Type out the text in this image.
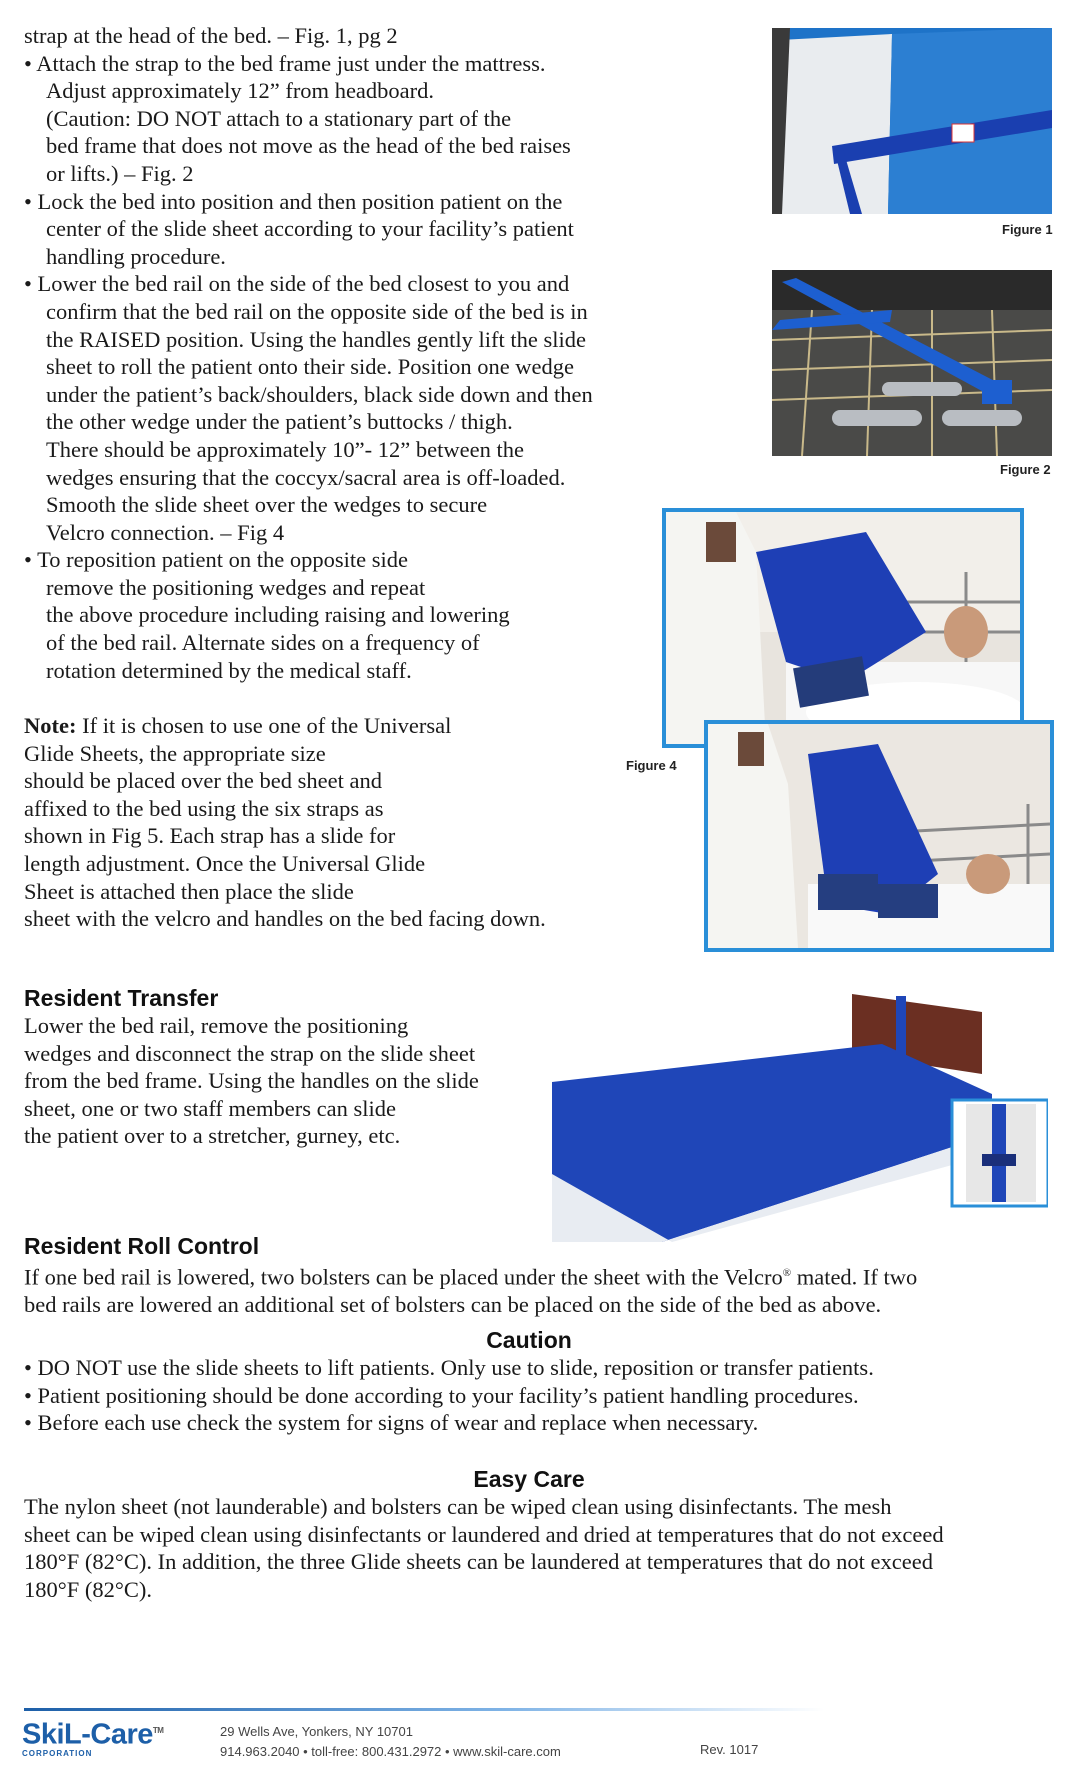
strap at the head of the bed. – Fig. 1, pg 2
• Attach the strap to the bed frame just under the mattress.
Adjust approximately 12” from headboard.
(Caution: DO NOT attach to a stationary part of the
bed frame that does not move as the head of the bed raises
or lifts.) – Fig. 2
• Lock the bed into position and then position patient on the
center of the slide sheet according to your facility’s patient
handling procedure.
• Lower the bed rail on the side of the bed closest to you and
confirm that the bed rail on the opposite side of the bed is in
the RAISED position. Using the handles gently lift the slide
sheet to roll the patient onto their side. Position one wedge
under the patient’s back/shoulders, black side down and then
the other wedge under the patient’s buttocks / thigh.
There should be approximately 10”- 12” between the
wedges ensuring that the coccyx/sacral area is off-loaded.
Smooth the slide sheet over the wedges to secure
Velcro connection. – Fig 4
• To reposition patient on the opposite side
remove the positioning wedges and repeat
the above procedure including raising and lowering
of the bed rail. Alternate sides on a frequency of
rotation determined by the medical staff.
Note: If it is chosen to use one of the Universal
Glide Sheets, the appropriate size
should be placed over the bed sheet and
affixed to the bed using the six straps as
shown in Fig 5. Each strap has a slide for
length adjustment. Once the Universal Glide
Sheet is attached then place the slide
sheet with the velcro and handles on the bed facing down.
Resident Transfer
Lower the bed rail, remove the positioning
wedges and disconnect the strap on the slide sheet
from the bed frame. Using the handles on the slide
sheet, one or two staff members can slide
the patient over to a stretcher, gurney, etc.
Resident Roll Control
If one bed rail is lowered, two bolsters can be placed under the sheet with the Velcro® mated. If two
bed rails are lowered an additional set of bolsters can be placed on the side of the bed as above.
Caution
• DO NOT use the slide sheets to lift patients. Only use to slide, reposition or transfer patients.
• Patient positioning should be done according to your facility’s patient handling procedures.
• Before each use check the system for signs of wear and replace when necessary.
Easy Care
The nylon sheet (not launderable) and bolsters can be wiped clean using disinfectants. The mesh
sheet can be wiped clean using disinfectants or laundered and dried at temperatures that do not exceed
180°F (82°C). In addition, the three Glide sheets can be laundered at temperatures that do not exceed
180°F (82°C).
Figure 1
Figure 2
Figure 4
SkiL-Care™
CORPORATION
29 Wells Ave, Yonkers, NY 10701
914.963.2040 • toll-free: 800.431.2972 • www.skil-care.com	Rev. 1017
